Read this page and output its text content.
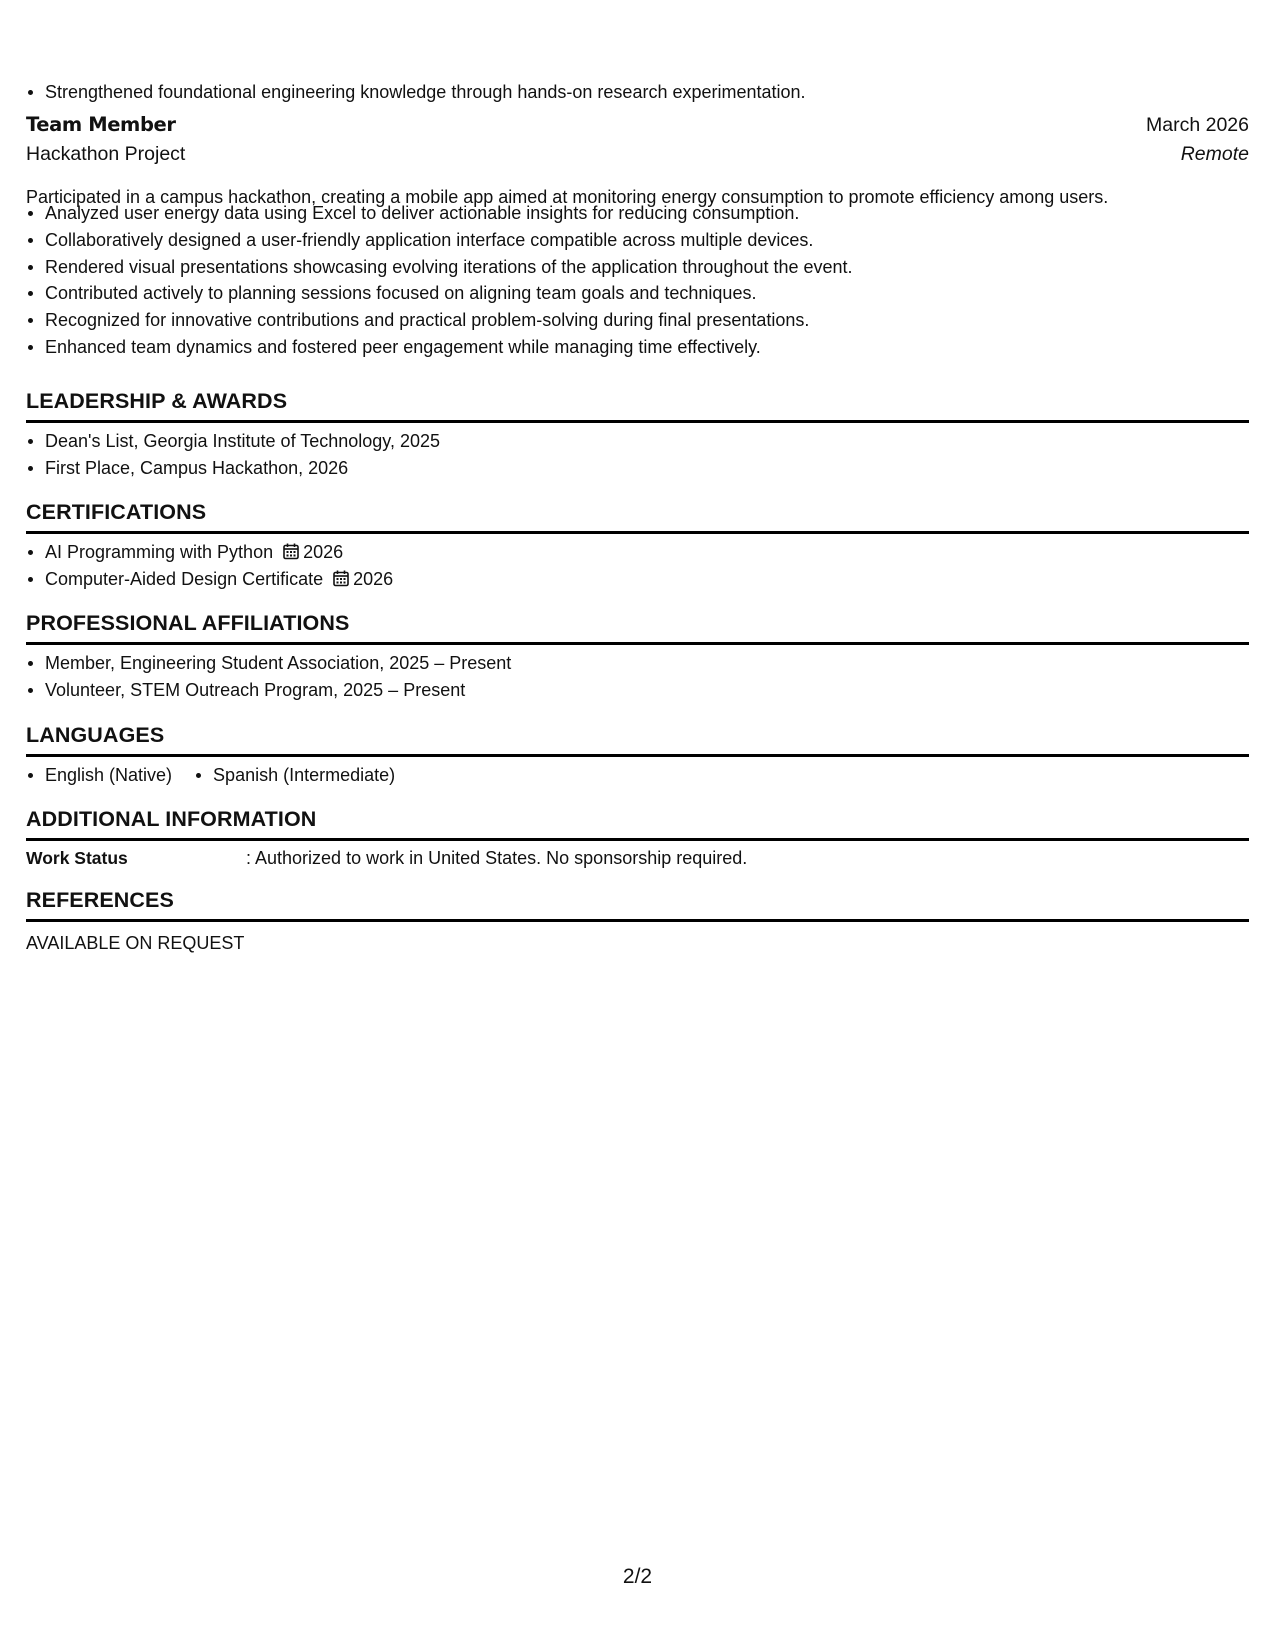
Strengthened foundational engineering knowledge through hands-on research experimentation.
Team Member	March 2026
Hackathon Project	Remote
Participated in a campus hackathon, creating a mobile app aimed at monitoring energy consumption to promote efficiency among users.
Analyzed user energy data using Excel to deliver actionable insights for reducing consumption.
Collaboratively designed a user-friendly application interface compatible across multiple devices.
Rendered visual presentations showcasing evolving iterations of the application throughout the event.
Contributed actively to planning sessions focused on aligning team goals and techniques.
Recognized for innovative contributions and practical problem-solving during final presentations.
Enhanced team dynamics and fostered peer engagement while managing time effectively.
LEADERSHIP & AWARDS
Dean's List, Georgia Institute of Technology, 2025
First Place, Campus Hackathon, 2026
CERTIFICATIONS
AI Programming with Python 2026
Computer-Aided Design Certificate 2026
PROFESSIONAL AFFILIATIONS
Member, Engineering Student Association, 2025 – Present
Volunteer, STEM Outreach Program, 2025 – Present
LANGUAGES
English (Native)	Spanish (Intermediate)
ADDITIONAL INFORMATION
Work Status	: Authorized to work in United States. No sponsorship required.
REFERENCES
AVAILABLE ON REQUEST
2/2
